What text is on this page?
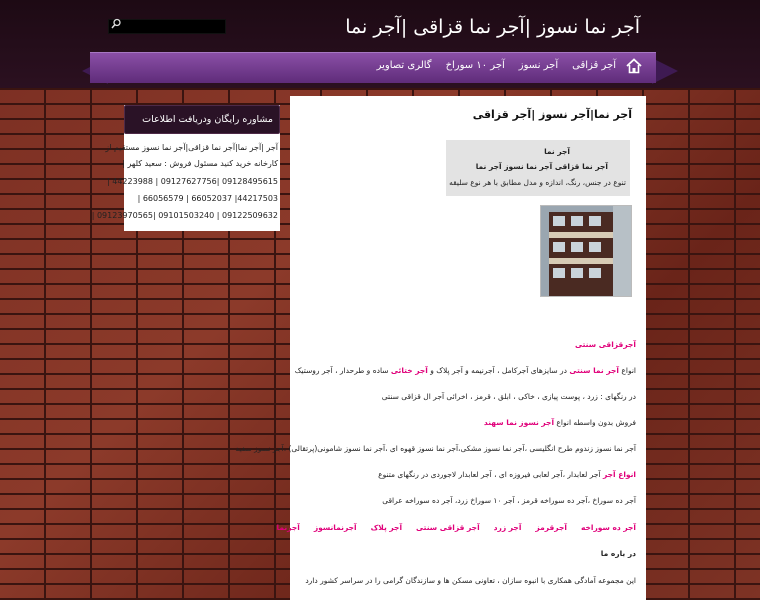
آجر نما نسوز |آجر نما قزاقی |آجر نما
گالری تصاویر آجر ۱۰ سوراخ آجر نسوز آجر قزاقی
مشاوره رایگان ودریافت اطلاعات
آجر |آجر نما|آجر نما قزاقی|آجر نما نسوز مستقیم از
کارخانه خرید کنید مسئول فروش : سعید کلهر |
09128495615 |09127627756 | 44223988 |
44217503| 66052037 | 66056579 |
09122509632 | 09101503240 |09123970565 |
آجر نما|آجر نسوز |آجر قزاقی
آجر نما
آجر نما قزاقی آجر نما نسوز آجر نما
تنوع در جنس، رنگ، اندازه و مدل مطابق با هر نوع سلیقه
آجرقزاقی سنتی
انواع آجر نما سنتی در سایزهای آجرکامل ، آجرنیمه و آجر پلاک و آجر ختائی ساده و طرحدار ، آجر روستیک
در رنگهای : زرد ، پوست پیازی ، خاکی ، ابلق ، قرمز ، اخرائی آجر ال قزاقی سنتی
فروش بدون واسطه انواع آجر نسوز نما سهند
آجر نما نسوز زندوم طرح انگلیسی ،آجر نما نسوز مشکی،آجر نما نسوز قهوه ای ،آجر نما نسوز شامونی(پرتقالی) ،آجر نسوز سفید
انواع آجر آجر لعابدار ،آجر لعابی فیروزه ای ، آجر لعابدار لاجوردی در رنگهای متنوع
آجر ده سوراخ ،آجر ده سوراخه قرمز ، آجر ۱۰ سوراخ زرد، آجر ده سوراخه عراقی
آجرنما آجرنمانسوز آجر پلاک آجر قزاقی سنتی آجر زرد آجرقرمز آجر ده سوراخه
در باره ما
این مجموعه آمادگی همکاری با انبوه سازان ، تعاونی مسکن ها و سازندگان گرامی را در سراسر کشور دارد
